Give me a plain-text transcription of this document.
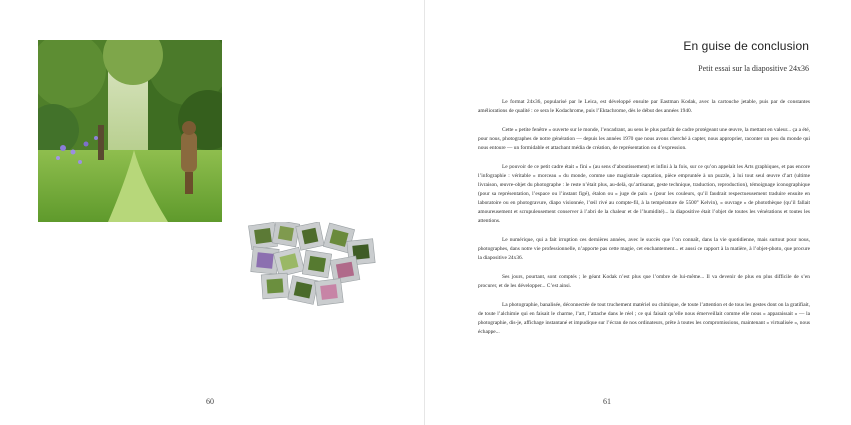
60
En guise de conclusion
Petit essai sur la diapositive 24x36

Le format 24x36, popularisé par le Leica, est développé ensuite par Eastman Kodak, avec la cartouche jetable, puis par de constantes améliorations de qualité : ce sera le Kodachrome, puis l’Ektachrome, dès le début des années 1940.

Cette « petite fenêtre » ouverte sur le monde, l’encadrant, au sens le plus parfait de cadre protégeant une œuvre, la mettant en valeur... ça a été, pour nous, photographes de notre génération — depuis les années 1970 que nous avons cherché à capter, nous approprier, raconter un peu du monde qui nous entoure — un formidable et attachant média de création, de représentation ou d’expression.

Le pouvoir de ce petit cadre était « fini » (au sens d’aboutissement) et infini à la fois, sur ce qu’on appelait les Arts graphiques, et pas encore l’infographie : véritable « morceau » du monde, comme une magistrale captation, pièce empruntée à un puzzle, à lui tout seul œuvre d’art (ultime livraison, œuvre-objet du photographe : le reste n’était plus, au-delà, qu’artisanat, geste technique, traduction, reproduction), témoignage iconographique (pour sa représentation, l’espace ou l’instant figé), étalon ou « juge de paix » (pour les couleurs, qu’il faudrait respectueusement traduire ensuite en laboratoire ou en photogravure, diapo visionnée, l’œil rivé au compte-fil, à la température de 5500° Kelvin), « ouvrage » de photothèque (qu’il fallait amoureusement et scrupuleusement conserver à l’abri de la chaleur et de l’humidité)... la diapositive était l’objet de toutes les vénérations et toutes les attentions.

Le numérique, qui a fait irruption ces dernières années, avec le succès que l’on connaît, dans la vie quotidienne, mais surtout pour nous, photographes, dans notre vie professionnelle, n’apporte pas cette magie, cet enchantement... et aussi ce rapport à la matière, à l’objet-photo, que procure la diapositive 24x36.

Ses jours, pourtant, sont comptés ; le géant Kodak n’est plus que l’ombre de lui-même... Il va devenir de plus en plus difficile de s’en procurer, et de les développer... C’est ainsi.

La photographie, banalisée, déconnectée de tout truchement matériel ou chimique, de toute l’attention et de tous les gestes dont on la gratifiait, de toute l’alchimie qui en faisait le charme, l’art, l’attache dans le réel ; ce qui faisait qu’elle nous émerveillait comme elle nous « apparaissait » — la photographie, dis-je, affichage instantané et impudique sur l’écran de nos ordinateurs, prête à toutes les compromissions, maintenant « virtualisée », nous échappe...

61
